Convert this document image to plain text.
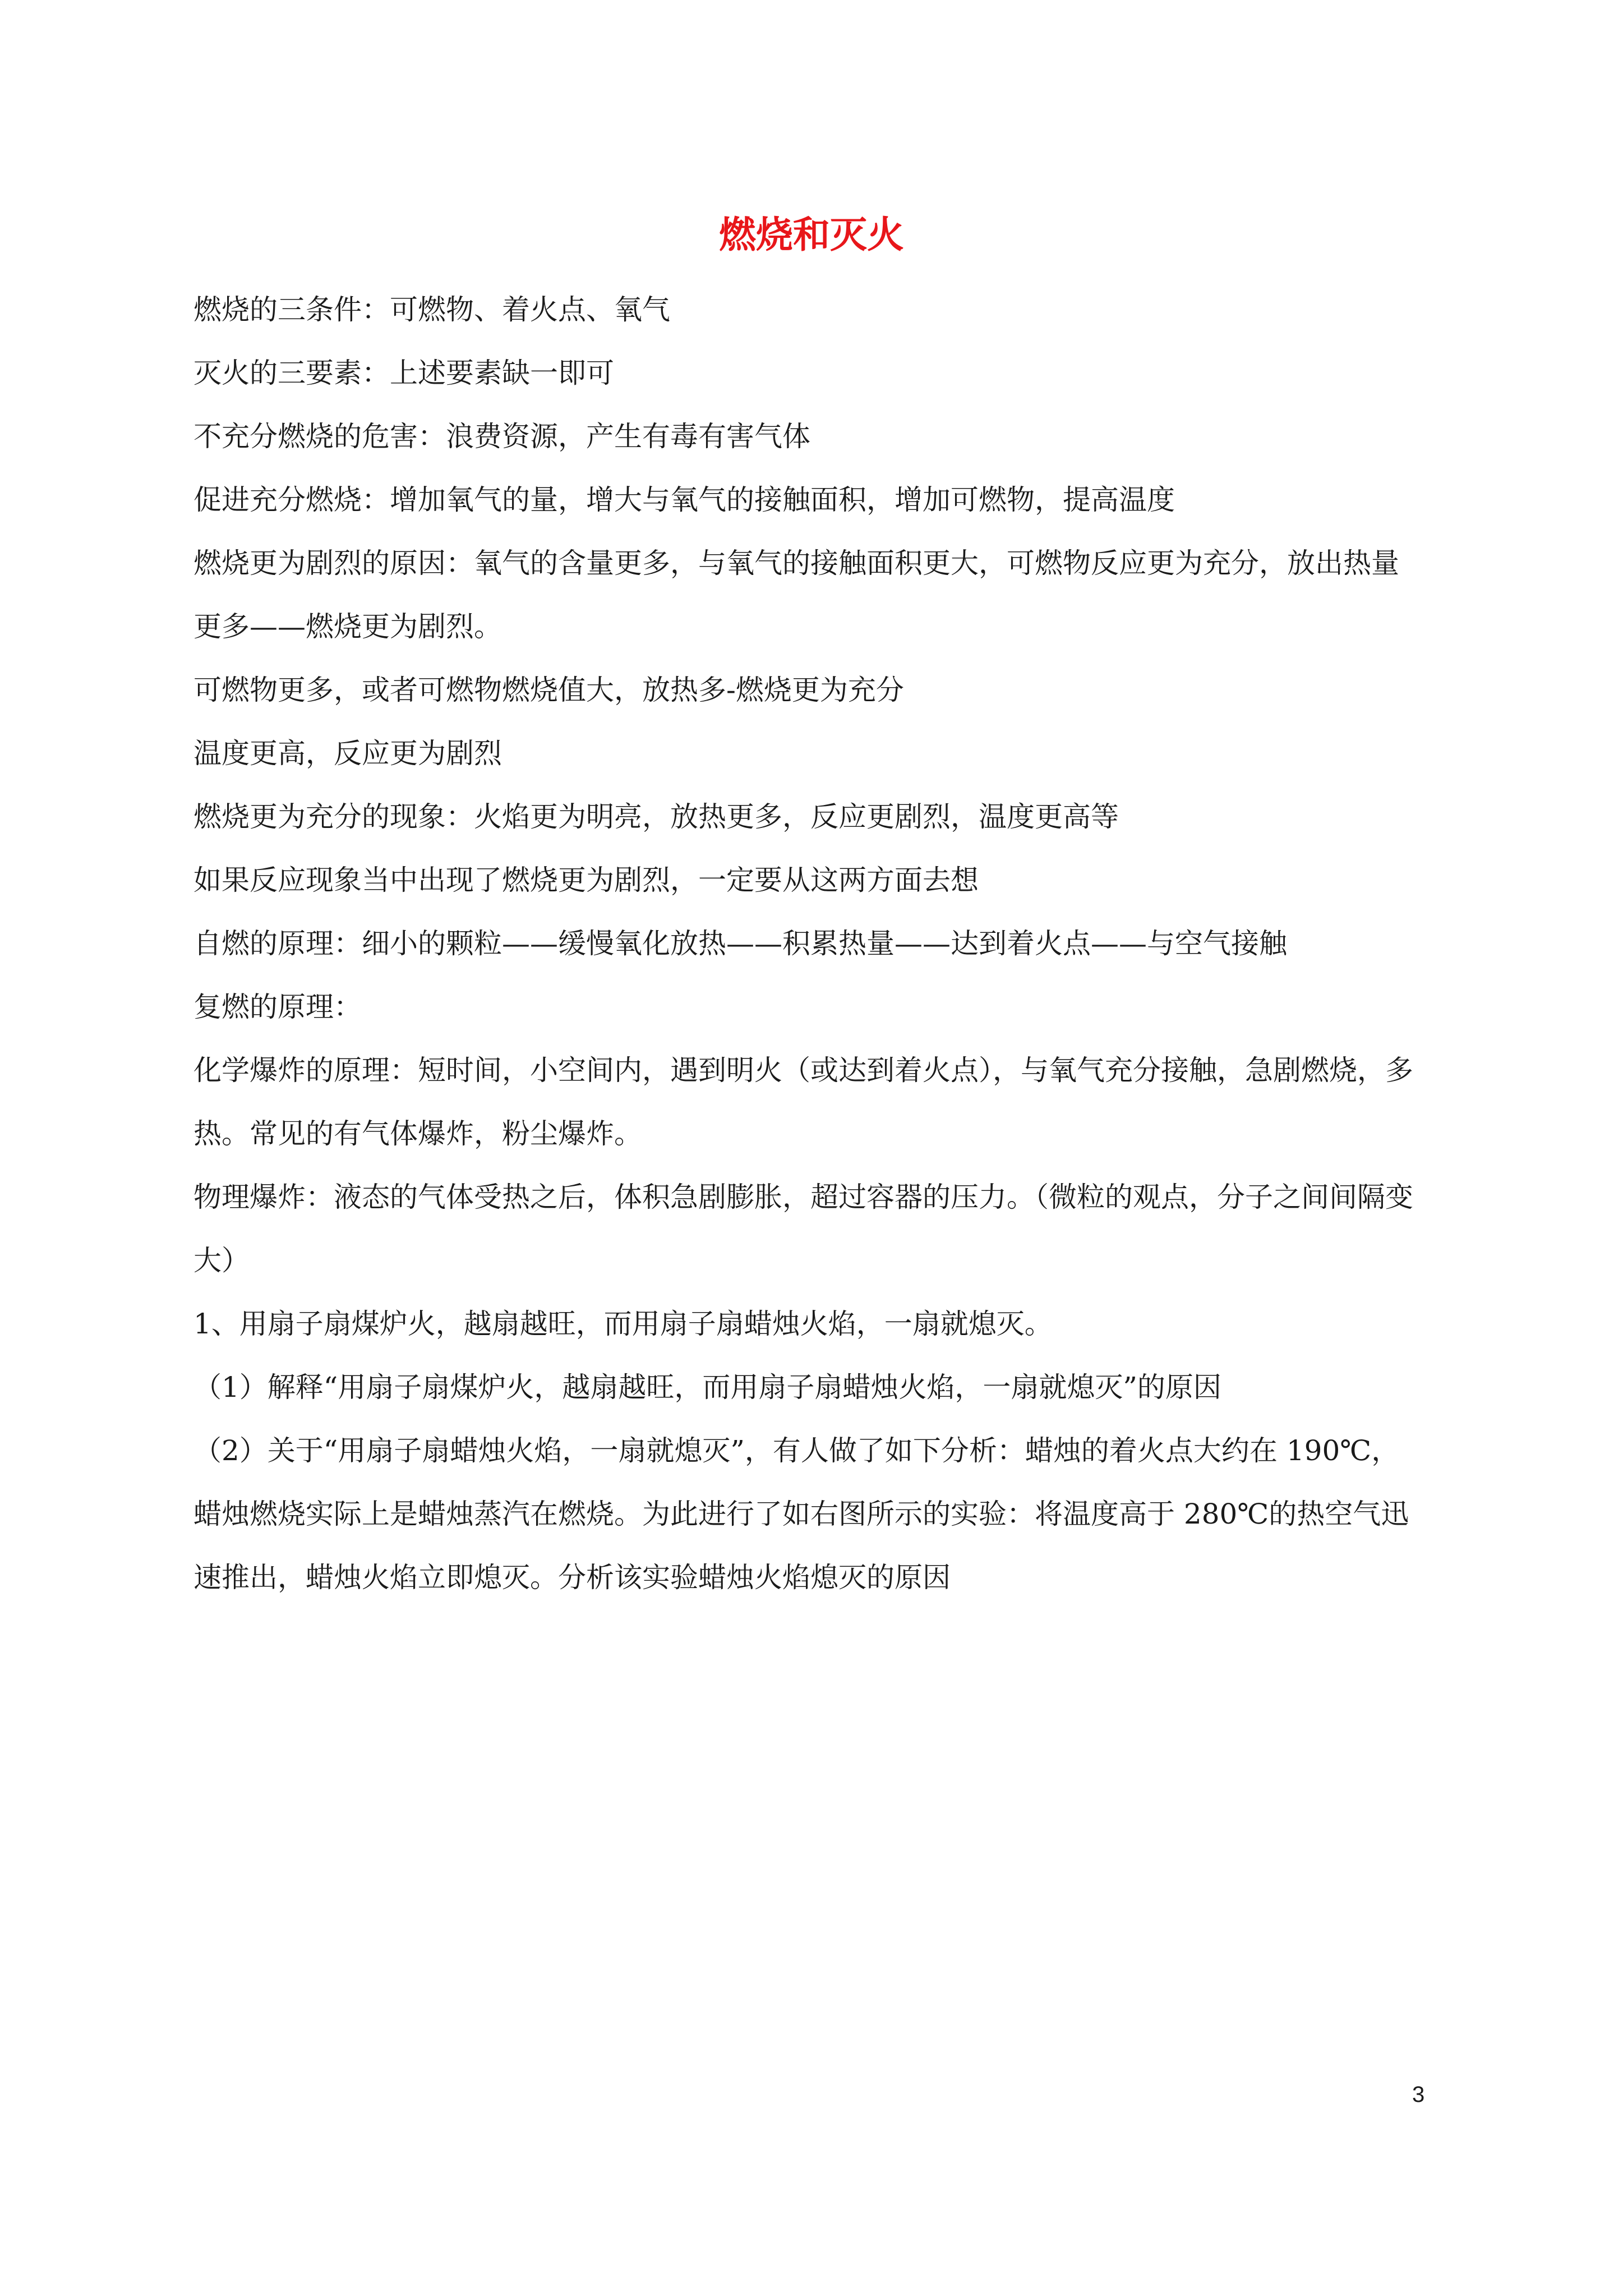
燃烧和灭火
燃烧的三条件：可燃物、着火点、氧气
灭火的三要素：上述要素缺一即可
不充分燃烧的危害：浪费资源，产生有毒有害气体
促进充分燃烧：增加氧气的量，增大与氧气的接触面积，增加可燃物，提高温度
燃烧更为剧烈的原因：氧气的含量更多，与氧气的接触面积更大，可燃物反应更为充分，放出热量
更多——燃烧更为剧烈。
可燃物更多，或者可燃物燃烧值大，放热多-燃烧更为充分
温度更高，反应更为剧烈
燃烧更为充分的现象：火焰更为明亮，放热更多，反应更剧烈，温度更高等
如果反应现象当中出现了燃烧更为剧烈，一定要从这两方面去想
自燃的原理：细小的颗粒——缓慢氧化放热——积累热量——达到着火点——与空气接触
复燃的原理：
化学爆炸的原理：短时间，小空间内，遇到明火（或达到着火点），与氧气充分接触，急剧燃烧，多
热。常见的有气体爆炸，粉尘爆炸。
物理爆炸：液态的气体受热之后，体积急剧膨胀，超过容器的压力。（微粒的观点，分子之间间隔变
大）
1、用扇子扇煤炉火，越扇越旺，而用扇子扇蜡烛火焰，一扇就熄灭。
（1）解释“用扇子扇煤炉火，越扇越旺，而用扇子扇蜡烛火焰，一扇就熄灭”的原因
（2）关于“用扇子扇蜡烛火焰，一扇就熄灭”，有人做了如下分析：蜡烛的着火点大约在 190℃，
蜡烛燃烧实际上是蜡烛蒸汽在燃烧。为此进行了如右图所示的实验：将温度高于 280℃的热空气迅
速推出，蜡烛火焰立即熄灭。分析该实验蜡烛火焰熄灭的原因
3
